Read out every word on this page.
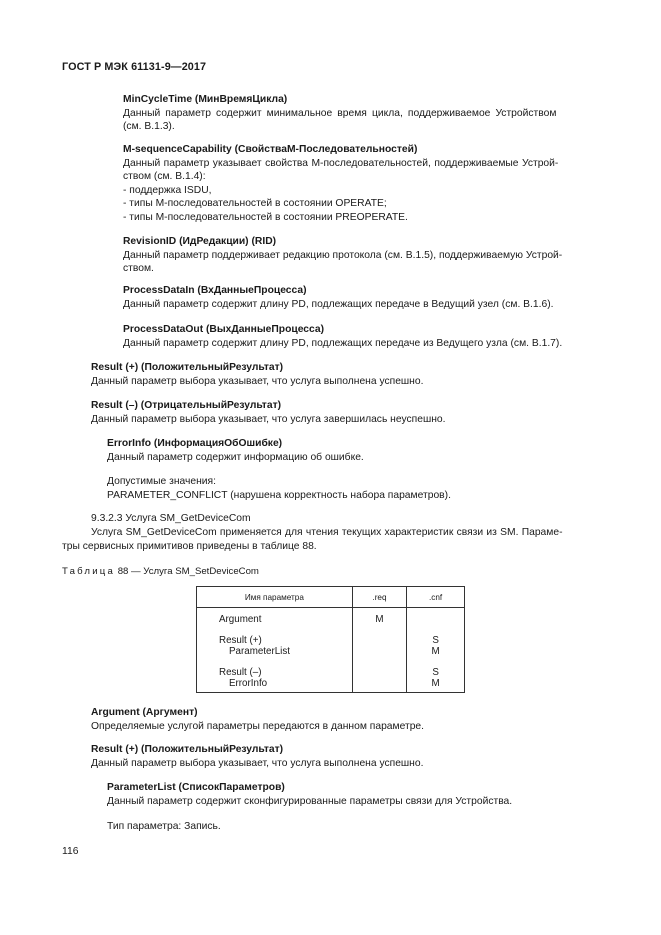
ГОСТ Р МЭК 61131-9—2017

MinCycleTime (МинВремяЦикла)

Данный параметр содержит минимальное время цикла, поддерживаемое Устройством

(см. В.1.3).

M-sequenceCapability (СвойстваМ-Последовательностей)

Данный параметр указывает свойства М-последовательностей, поддерживаемые Устрой-

ством (см. В.1.4):

- поддержка ISDU,

- типы М-последовательностей в состоянии OPERATE;

- типы М-последовательностей в состоянии PREOPERATE.

RevisionID (ИдРедакции) (RID)

Данный параметр поддерживает редакцию протокола (см. В.1.5), поддерживаемую Устрой-

ством.

ProcessDataIn (ВхДанныеПроцесса)

Данный параметр содержит длину PD, подлежащих передаче в Ведущий узел (см. В.1.6).

ProcessDataOut (ВыхДанныеПроцесса)

Данный параметр содержит длину PD, подлежащих передаче из Ведущего узла (см. В.1.7).

Result (+) (ПоложительныйРезультат)

Данный параметр выбора указывает, что услуга выполнена успешно.

Result (–) (ОтрицательныйРезультат)

Данный параметр выбора указывает, что услуга завершилась неуспешно.

ErrorInfo (ИнформацияОбОшибке)

Данный параметр содержит информацию об ошибке.

Допустимые значения:

PARAMETER_CONFLICT (нарушена корректность набора параметров).

9.3.2.3 Услуга SM_GetDeviceCom
Услуга SM_GetDeviceCom применяется для чтения текущих характеристик связи из SM. Параме-
тры сервисных примитивов приведены в таблице 88.
Таблица 88 — Услуга SM_SetDeviceCom
Имя параметра	.req	.cnf

Argument	M	

Result (+)		S
ParameterList		M

Result (–)		S
ErrorInfo		M

Argument (Аргумент)

Определяемые услугой параметры передаются в данном параметре.

Result (+) (ПоложительныйРезультат)

Данный параметр выбора указывает, что услуга выполнена успешно.

ParameterList (СписокПараметров)

Данный параметр содержит сконфигурированные параметры связи для Устройства.

Тип параметра: Запись.
116
